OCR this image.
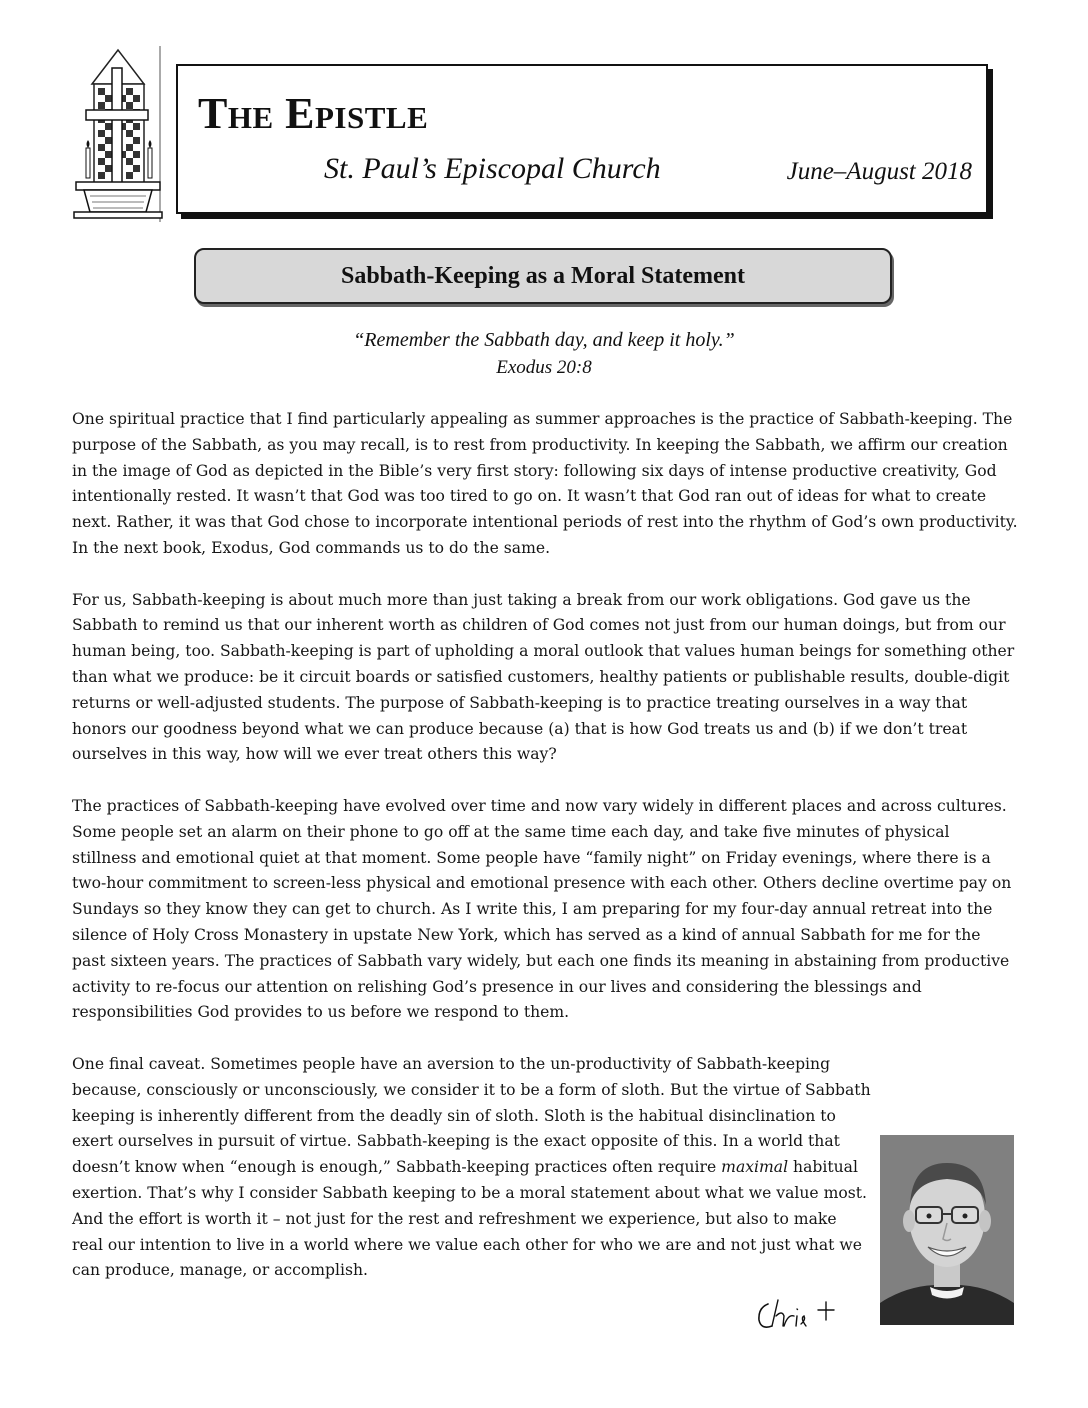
The Epistle
St. Paul’s Episcopal Church	June–August 2018
Sabbath-Keeping as a Moral Statement
“Remember the Sabbath day, and keep it holy.”
Exodus 20:8

One spiritual practice that I find particularly appealing as summer approaches is the practice of Sabbath-keeping. The purpose of the Sabbath, as you may recall, is to rest from productivity. In keeping the Sabbath, we affirm our creation in the image of God as depicted in the Bible’s very first story: following six days of intense productive creativity, God intentionally rested. It wasn’t that God was too tired to go on. It wasn’t that God ran out of ideas for what to create next. Rather, it was that God chose to incorporate intentional periods of rest into the rhythm of God’s own productivity. In the next book, Exodus, God commands us to do the same.

For us, Sabbath-keeping is about much more than just taking a break from our work obligations. God gave us the Sabbath to remind us that our inherent worth as children of God comes not just from our human doings, but from our human being, too. Sabbath-keeping is part of upholding a moral outlook that values human beings for something other than what we produce: be it circuit boards or satisfied customers, healthy patients or publishable results, double-digit returns or well-adjusted students. The purpose of Sabbath-keeping is to practice treating ourselves in a way that honors our goodness beyond what we can produce because (a) that is how God treats us and (b) if we don’t treat ourselves in this way, how will we ever treat others this way?

The practices of Sabbath-keeping have evolved over time and now vary widely in different places and across cultures. Some people set an alarm on their phone to go off at the same time each day, and take five minutes of physical stillness and emotional quiet at that moment. Some people have “family night” on Friday evenings, where there is a two-hour commitment to screen-less physical and emotional presence with each other. Others decline overtime pay on Sundays so they know they can get to church. As I write this, I am preparing for my four-day annual retreat into the silence of Holy Cross Monastery in upstate New York, which has served as a kind of annual Sabbath for me for the past sixteen years. The practices of Sabbath vary widely, but each one finds its meaning in abstaining from productive activity to re-focus our attention on relishing God’s presence in our lives and considering the blessings and responsibilities God provides to us before we respond to them.

One final caveat. Sometimes people have an aversion to the un-productivity of Sabbath-keeping because, consciously or unconsciously, we consider it to be a form of sloth. But the virtue of Sabbath keeping is inherently different from the deadly sin of sloth. Sloth is the habitual disinclination to exert ourselves in pursuit of virtue. Sabbath-keeping is the exact opposite of this. In a world that doesn’t know when “enough is enough,” Sabbath-keeping practices often require maximal habitual exertion. That’s why I consider Sabbath keeping to be a moral statement about what we value most. And the effort is worth it – not just for the rest and refreshment we experience, but also to make real our intention to live in a world where we value each other for who we are and not just what we can produce, manage, or accomplish.
